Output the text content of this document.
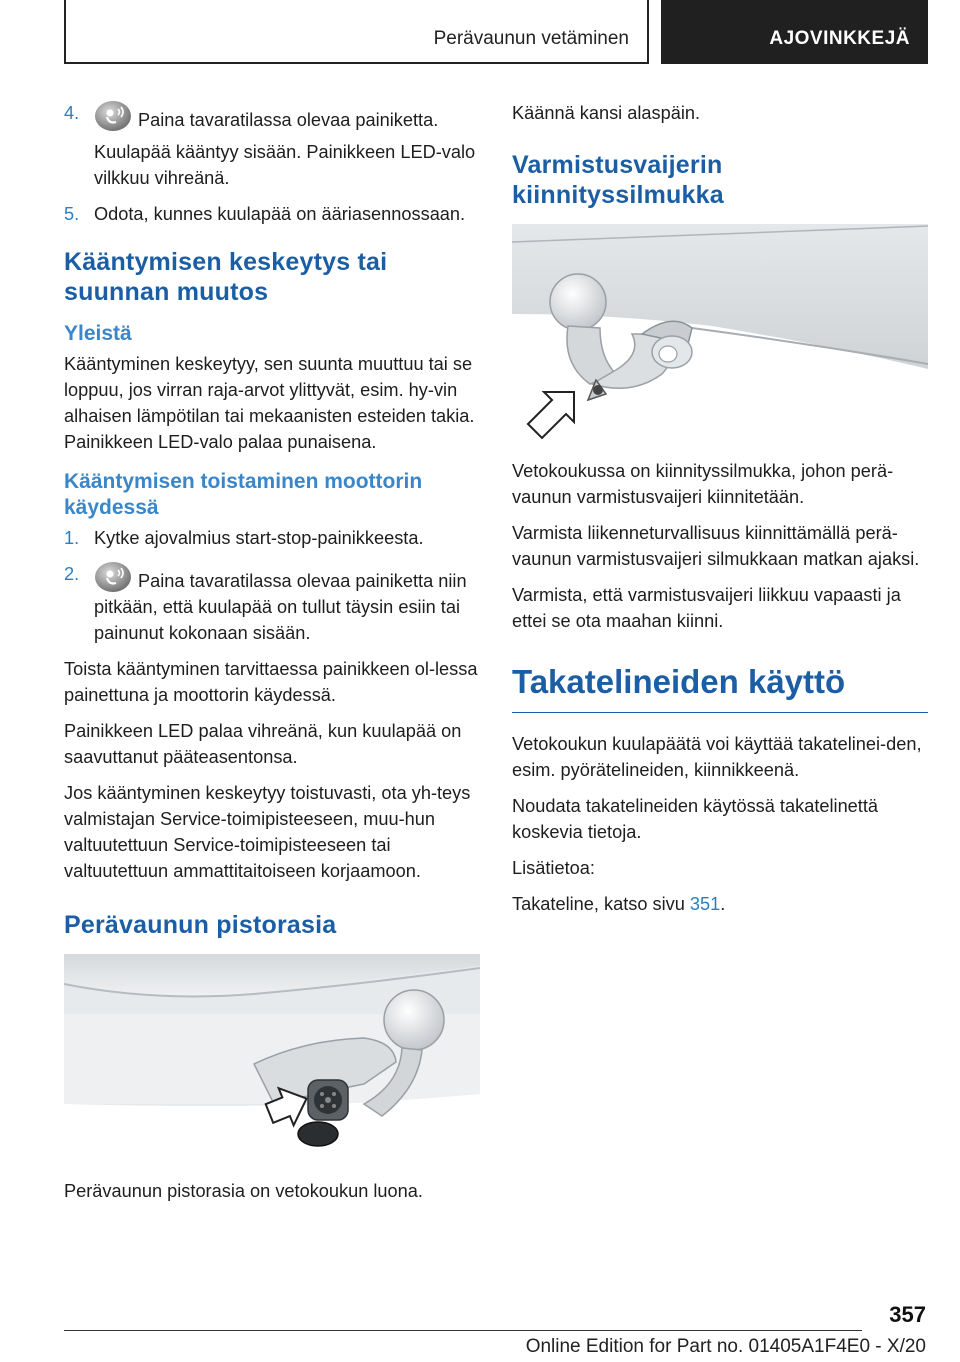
Perävaunun vetäminen	AJOVINKKEJÄ
4.	Paina tavaratilassa olevaa painiketta.
Kuulapää kääntyy sisään. Painikkeen LED-valo vilkkuu vihreänä.
5. Odota, kunnes kuulapää on ääriasennossaan.
Kääntymisen keskeytys tai suunnan muutos
Yleistä

Kääntyminen keskeytyy, sen suunta muuttuu tai se loppuu, jos virran raja-arvot ylittyvät, esim. hy-vin alhaisen lämpötilan tai mekaanisten esteiden takia. Painikkeen LED-valo palaa punaisena.

Kääntymisen toistaminen moottorin käydessä
1. Kytke ajovalmius start-stop-painikkeesta.
2.	Paina tavaratilassa olevaa painiketta niin pitkään, että kuulapää on tullut täysin esiin tai painunut kokonaan sisään.

Toista kääntyminen tarvittaessa painikkeen ol-lessa painettuna ja moottorin käydessä.

Painikkeen LED palaa vihreänä, kun kuulapää on saavuttanut pääteasentonsa.

Jos kääntyminen keskeytyy toistuvasti, ota yh-teys valmistajan Service-toimipisteeseen, muu-hun valtuutettuun Service-toimipisteeseen tai valtuutettuun ammattitaitoiseen korjaamoon.

Perävaunun pistorasia

Perävaunun pistorasia on vetokoukun luona.

Käännä kansi alaspäin.

Varmistusvaijerin kiinnityssilmukka

Vetokoukussa on kiinnityssilmukka, johon perä-vaunun varmistusvaijeri kiinnitetään.

Varmista liikenneturvallisuus kiinnittämällä perä-vaunun varmistusvaijeri silmukkaan matkan ajaksi.

Varmista, että varmistusvaijeri liikkuu vapaasti ja ettei se ota maahan kiinni.

Takatelineiden käyttö

Vetokoukun kuulapäätä voi käyttää takatelinei-den, esim. pyörätelineiden, kiinnikkeenä.

Noudata takatelineiden käytössä takatelinettä koskevia tietoja.

Lisätietoa:

Takateline, katso sivu 351.

357
Online Edition for Part no. 01405A1F4E0 - X/20
